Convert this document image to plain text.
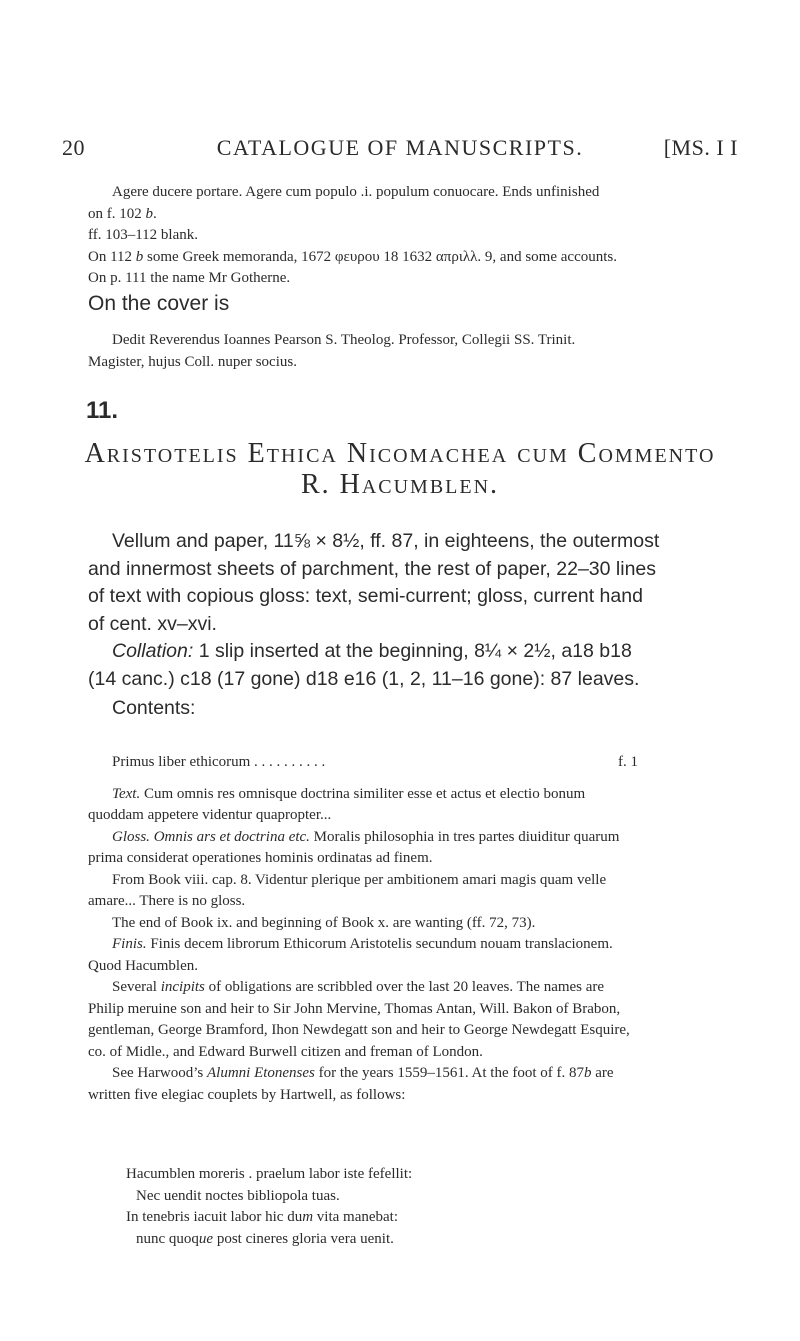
20	CATALOGUE OF MANUSCRIPTS.	[MS. I I

Agere ducere portare. Agere cum populo .i. populum conuocare. Ends unfinished

on f. 102 b.

ff. 103–112 blank.

On 112 b some Greek memoranda, 1672 φευρου 18 1632 απριλλ. 9, and some accounts.

On p. 111 the name Mr Gotherne.

On the cover is

Dedit Reverendus Ioannes Pearson S. Theolog. Professor, Collegii SS. Trinit.

Magister, hujus Coll. nuper socius.

11.
Aristotelis Ethica Nicomachea cum Commento
R. Hacumblen.

Vellum and paper, 11⅝ × 8½, ff. 87, in eighteens, the outermost

and innermost sheets of parchment, the rest of paper, 22–30 lines

of text with copious gloss: text, semi-current; gloss, current hand

of cent. xv–xvi.

Collation: 1 slip inserted at the beginning, 8¼ × 2½, a18 b18

(14 canc.) c18 (17 gone) d18 e16 (1, 2, 11–16 gone): 87 leaves.

Contents:

Primus liber ethicorum . . . . . . . . . .	f. 1

Text. Cum omnis res omnisque doctrina similiter esse et actus et electio bonum

quoddam appetere videntur quapropter...

Gloss. Omnis ars et doctrina etc. Moralis philosophia in tres partes diuiditur quarum

prima considerat operationes hominis ordinatas ad finem.

From Book viii. cap. 8. Videntur plerique per ambitionem amari magis quam velle

amare... There is no gloss.

The end of Book ix. and beginning of Book x. are wanting (ff. 72, 73).

Finis. Finis decem librorum Ethicorum Aristotelis secundum nouam translacionem.

Quod Hacumblen.

Several incipits of obligations are scribbled over the last 20 leaves. The names are

Philip meruine son and heir to Sir John Mervine, Thomas Antan, Will. Bakon of Brabon,

gentleman, George Bramford, Ihon Newdegatt son and heir to George Newdegatt Esquire,

co. of Midle., and Edward Burwell citizen and freman of London.

See Harwood’s Alumni Etonenses for the years 1559–1561. At the foot of f. 87b are

written five elegiac couplets by Hartwell, as follows:

Hacumblen moreris . praelum labor iste fefellit:

Nec uendit noctes bibliopola tuas.

In tenebris iacuit labor hic dum vita manebat:

nunc quoque post cineres gloria vera uenit.
